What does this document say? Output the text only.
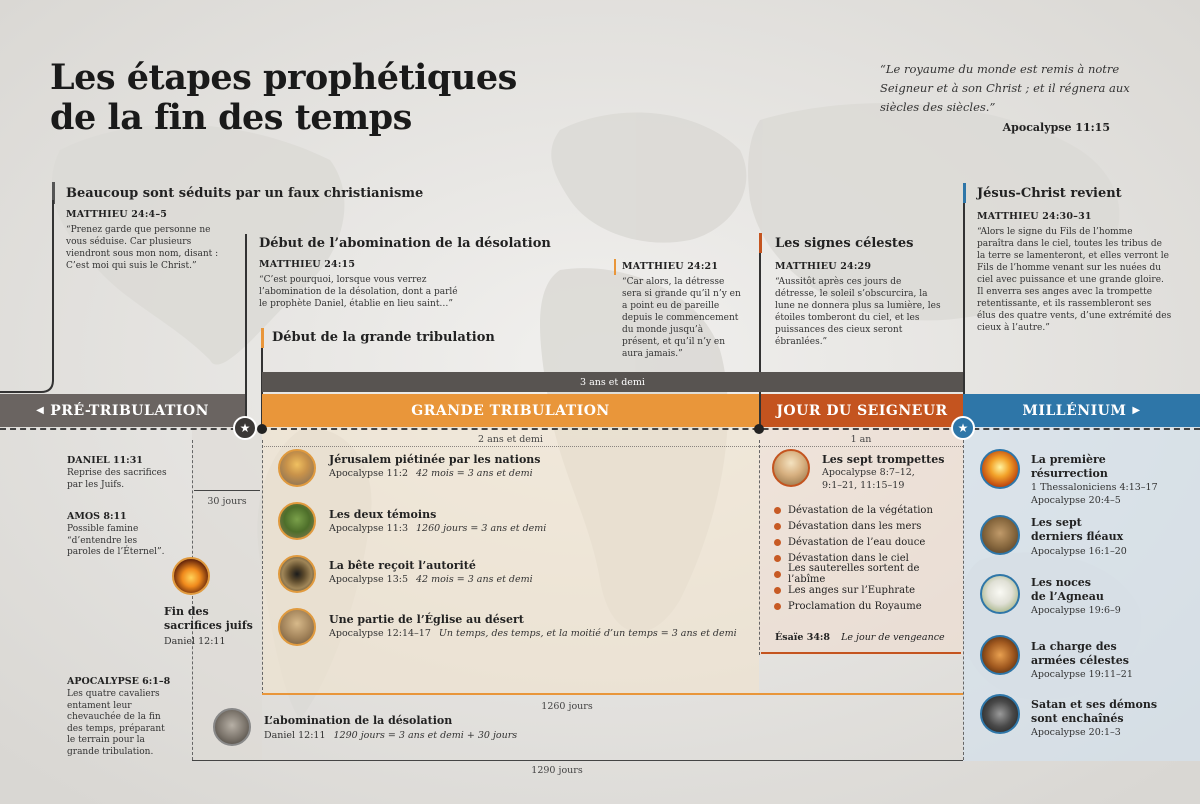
Les étapes prophétiques
de la fin des temps
“Le royaume du monde est remis à notre Seigneur et à son Christ ; et il régnera aux siècles des siècles.”
Apocalypse 11:15
Beaucoup sont séduits par un faux christianisme
MATTHIEU 24:4–5
“Prenez garde que personne ne vous séduise. Car plusieurs viendront sous mon nom, disant : C’est moi qui suis le Christ.”
Début de l’abomination de la désolation
MATTHIEU 24:15
“C’est pourquoi, lorsque vous verrez l’abomination de la désolation, dont a parlé le prophète Daniel, établie en lieu saint…”
Début de la grande tribulation
MATTHIEU 24:21
“Car alors, la détresse sera si grande qu’il n’y en a point eu de pareille depuis le commencement du monde jusqu’à présent, et qu’il n’y en aura jamais.”
Les signes célestes
MATTHIEU 24:29
“Aussitôt après ces jours de détresse, le soleil s’obscurcira, la lune ne donnera plus sa lumière, les étoiles tomberont du ciel, et les puissances des cieux seront ébranlées.”
Jésus-Christ revient
MATTHIEU 24:30–31
“Alors le signe du Fils de l’homme paraîtra dans le ciel, toutes les tribus de la terre se lamenteront, et elles verront le Fils de l’homme venant sur les nuées du ciel avec puissance et une grande gloire. Il enverra ses anges avec la trompette retentissante, et ils rassembleront ses élus des quatre vents, d’une extrémité des cieux à l’autre.”
3 ans et demi
◀ PRÉ-TRIBULATION	GRANDE TRIBULATION	JOUR DU SEIGNEUR	MILLÉNIUM ▶
★	★
2 ans et demi	1 an
30 jours
DANIEL 11:31
Reprise des sacrifices par les Juifs.
AMOS 8:11
Possible famine “d’entendre les paroles de l’Éternel”.
Fin des sacrifices juifs
Daniel 12:11
APOCALYPSE 6:1–8
Les quatre cavaliers entament leur chevauchée de la fin des temps, préparant le terrain pour la grande tribulation.
Jérusalem piétinée par les nations
Apocalypse 11:2 42 mois = 3 ans et demi
Les deux témoins
Apocalypse 11:3 1260 jours = 3 ans et demi
La bête reçoit l’autorité
Apocalypse 13:5 42 mois = 3 ans et demi
Une partie de l’Église au désert
Apocalypse 12:14–17 Un temps, des temps, et la moitié d’un temps = 3 ans et demi
1260 jours
L’abomination de la désolation
Daniel 12:11 1290 jours = 3 ans et demi + 30 jours
1290 jours
Les sept trompettes
Apocalypse 8:7–12,
9:1–21, 11:15–19
Dévastation de la végétation
Dévastation dans les mers
Dévastation de l’eau douce
Dévastation dans le ciel
Les sauterelles sortent de l’abîme
Les anges sur l’Euphrate
Proclamation du Royaume
Ésaïe 34:8 Le jour de vengeance
La première
résurrection
1 Thessaloniciens 4:13–17
Apocalypse 20:4–5
Les sept
derniers fléaux
Apocalypse 16:1–20
Les noces
de l’Agneau
Apocalypse 19:6–9
La charge des
armées célestes
Apocalypse 19:11–21
Satan et ses démons
sont enchaînés
Apocalypse 20:1–3
